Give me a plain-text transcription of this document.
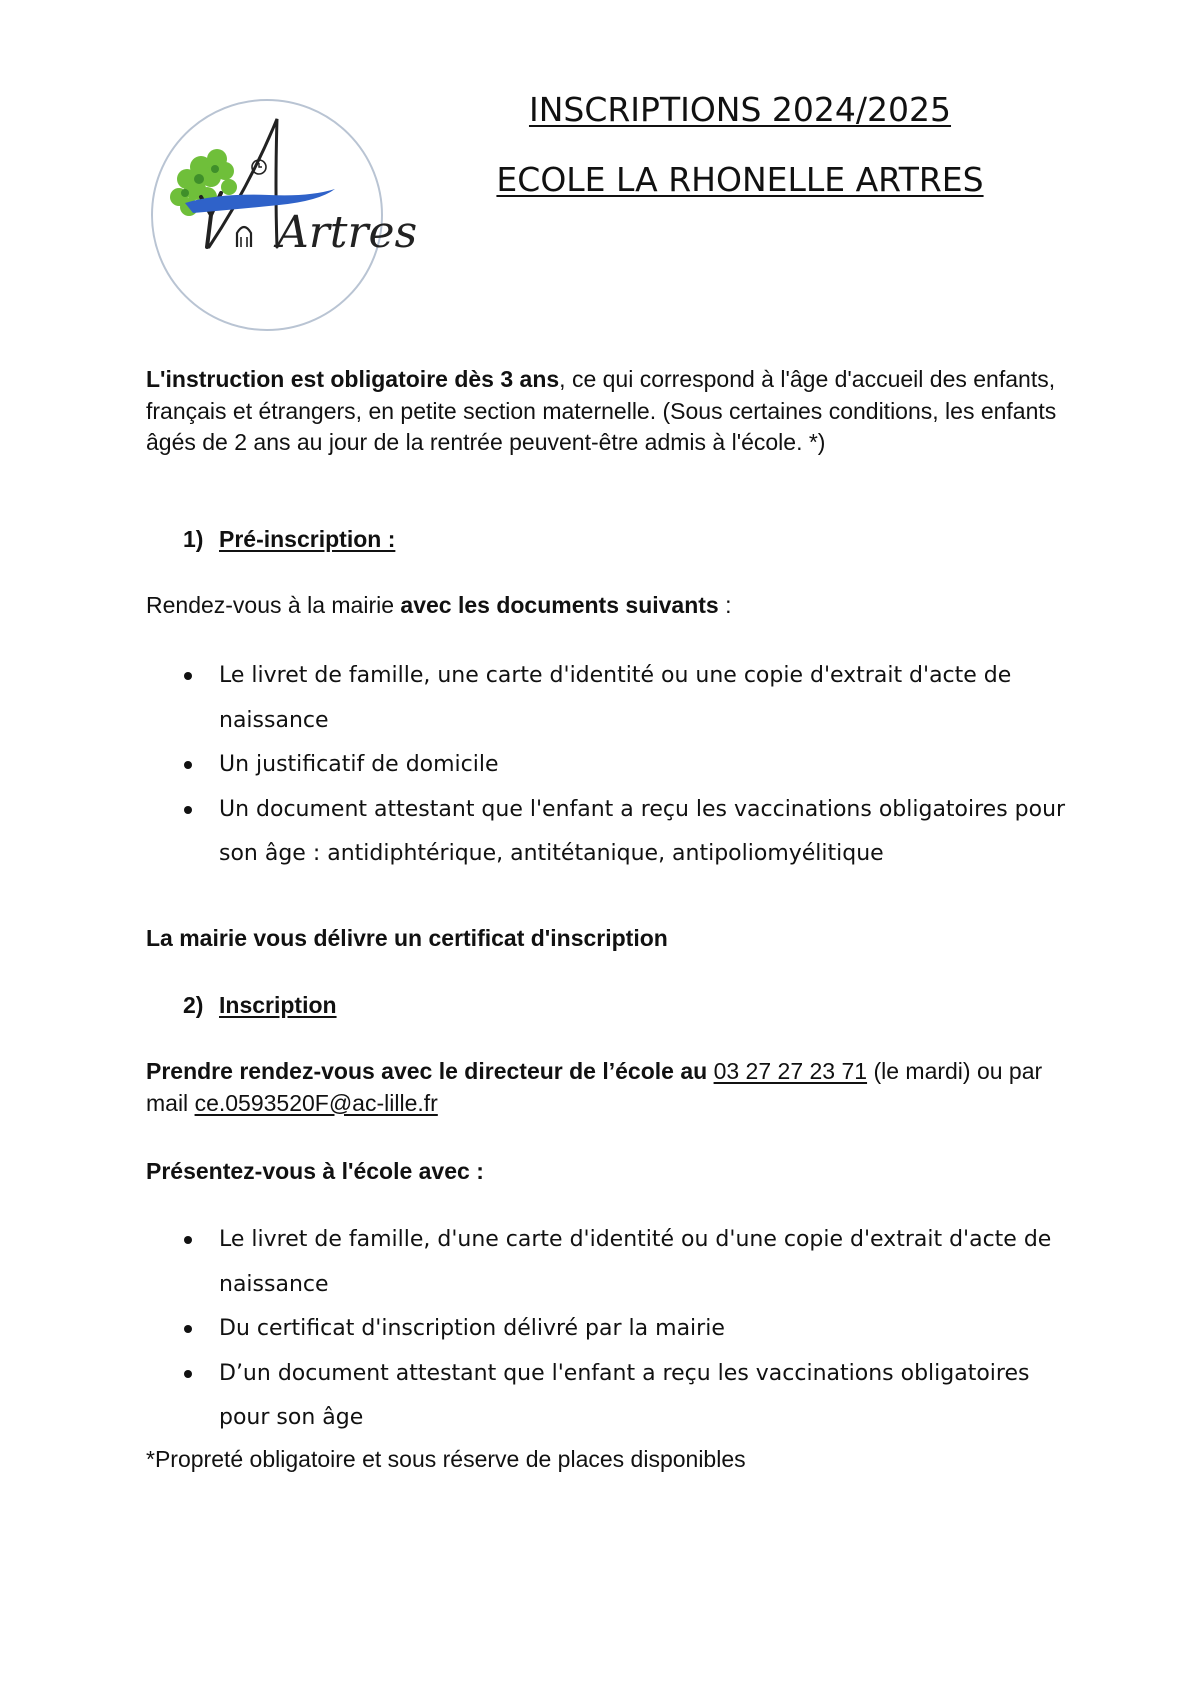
Artres
INSCRIPTIONS 2024/2025
ECOLE LA RHONELLE ARTRES
L'instruction est obligatoire dès 3 ans, ce qui correspond à l'âge d'accueil des enfants, français et étrangers, en petite section maternelle. (Sous certaines conditions, les enfants âgés de 2 ans au jour de la rentrée peuvent-être admis à l'école. *)
1) Pré-inscription :
Rendez-vous à la mairie avec les documents suivants :
Le livret de famille, une carte d'identité ou une copie d'extrait d'acte de naissance
Un justificatif de domicile
Un document attestant que l'enfant a reçu les vaccinations obligatoires pour son âge : antidiphtérique, antitétanique, antipoliomyélitique
La mairie vous délivre un certificat d'inscription
2) Inscription
Prendre rendez-vous avec le directeur de l’école au 03 27 27 23 71 (le mardi) ou par mail ce.0593520F@ac-lille.fr
Présentez-vous à l'école avec :
Le livret de famille, d'une carte d'identité ou d'une copie d'extrait d'acte de naissance
Du certificat d'inscription délivré par la mairie
D’un document attestant que l'enfant a reçu les vaccinations obligatoires pour son âge
*Propreté obligatoire et sous réserve de places disponibles
